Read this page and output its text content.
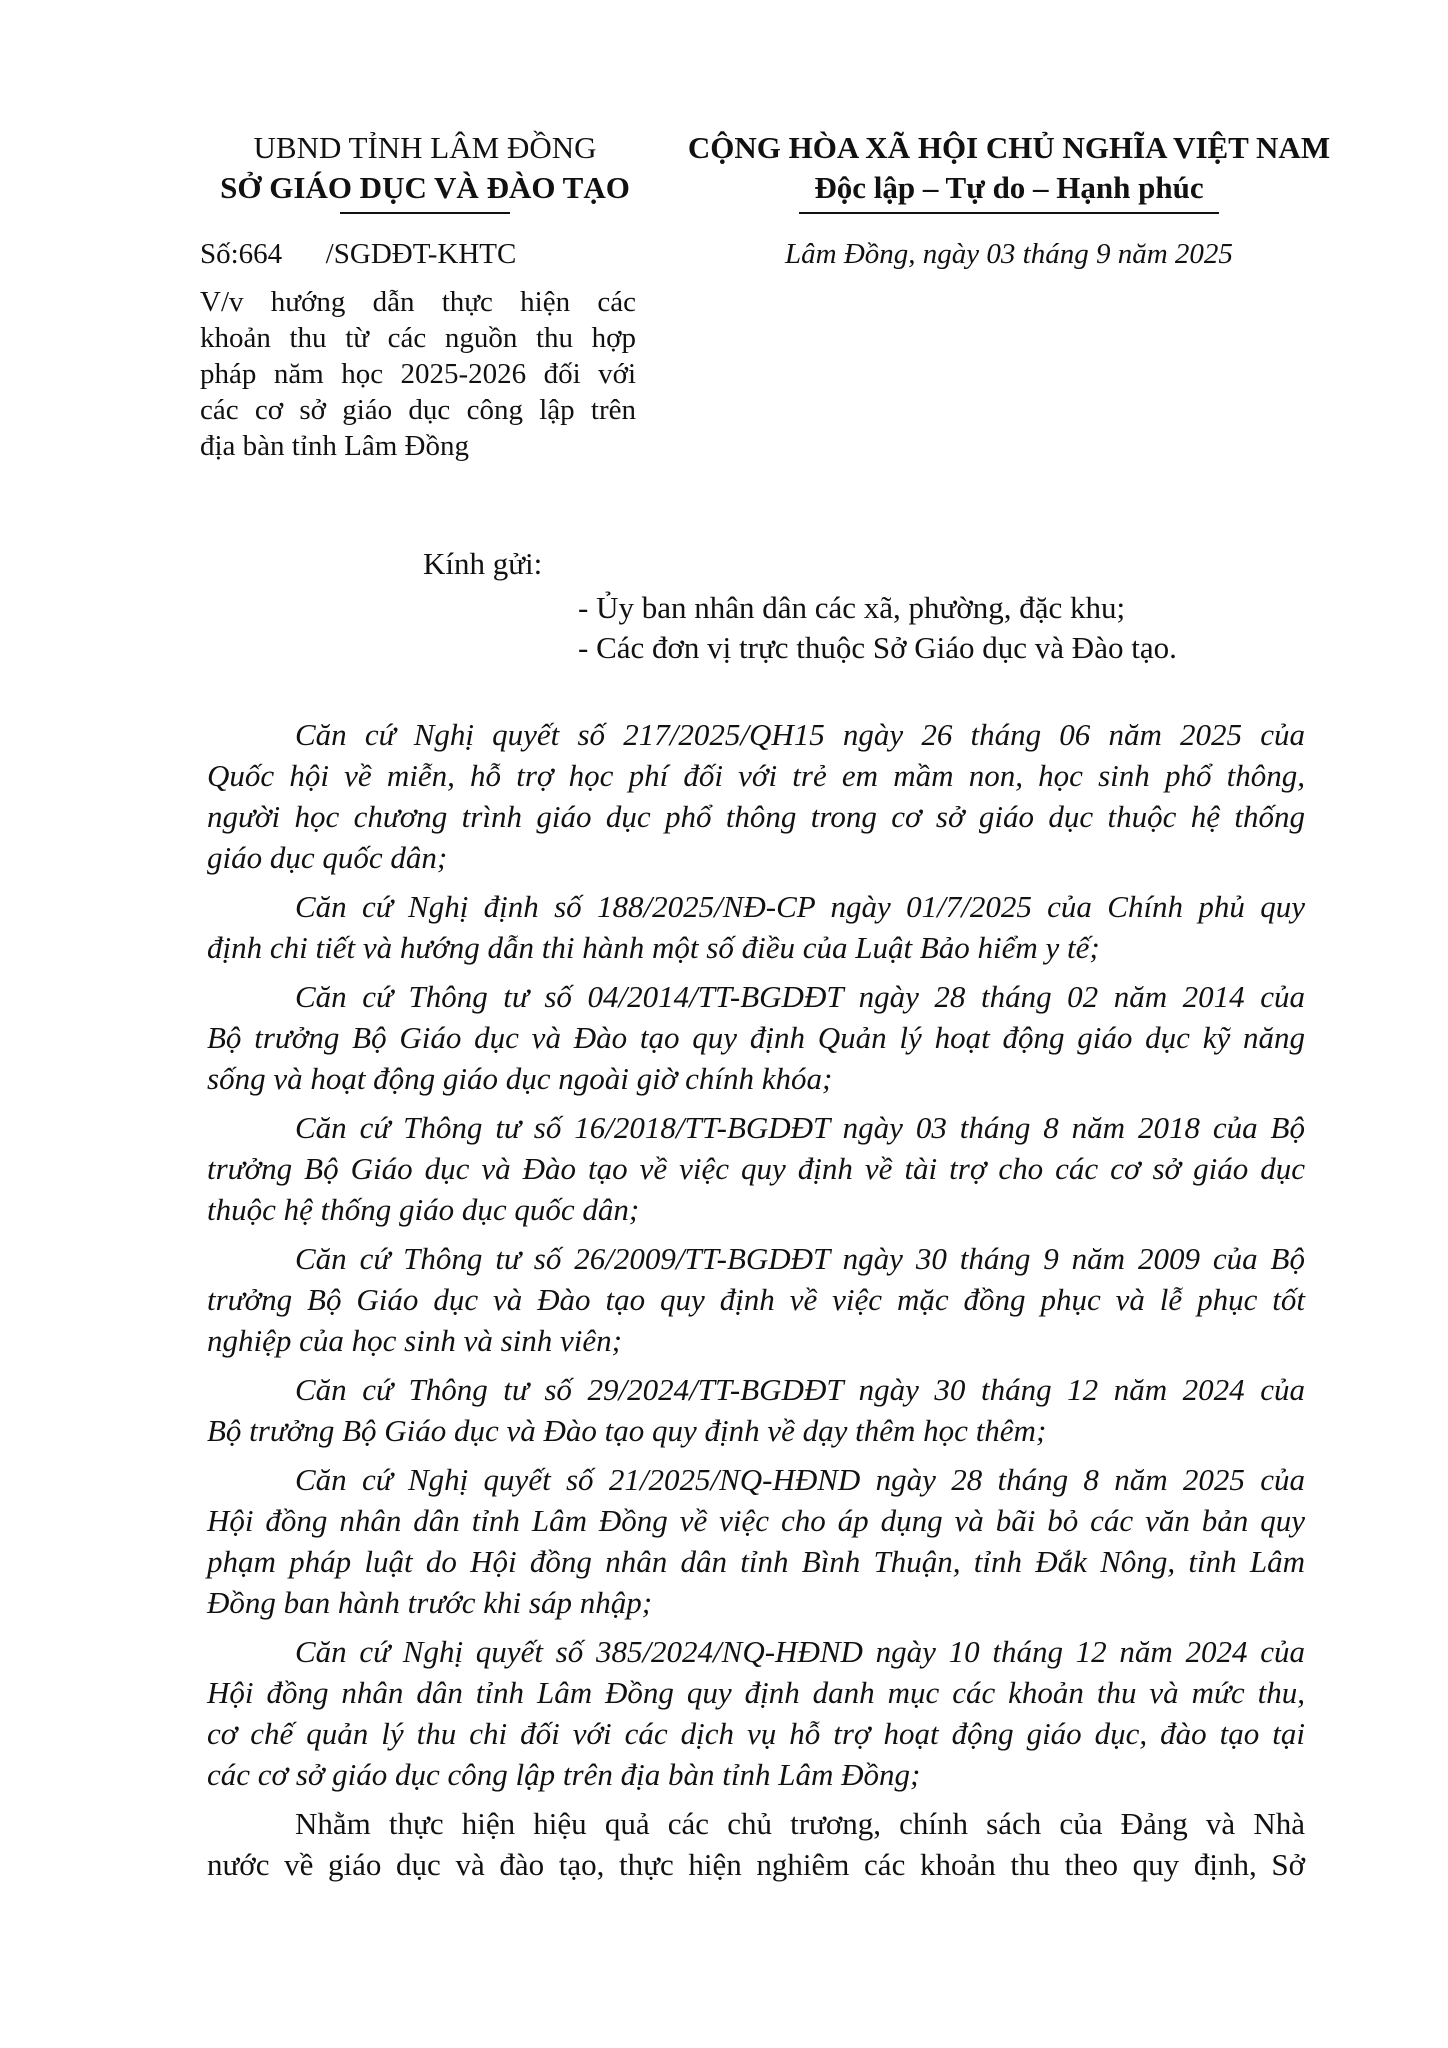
UBND TỈNH LÂM ĐỒNG
SỞ GIÁO DỤC VÀ ĐÀO TẠO
CỘNG HÒA XÃ HỘI CHỦ NGHĨA VIỆT NAM
Độc lập – Tự do – Hạnh phúc
Số:664      /SGDĐT-KHTC	Lâm Đồng, ngày 03 tháng 9 năm 2025
V/v hướng dẫn thực hiện các
khoản thu từ các nguồn thu hợp
pháp năm học 2025-2026 đối với
các cơ sở giáo dục công lập trên
địa bàn tỉnh Lâm Đồng
Kính gửi:
- Ủy ban nhân dân các xã, phường, đặc khu;
- Các đơn vị trực thuộc Sở Giáo dục và Đào tạo.
Căn cứ Nghị quyết số 217/2025/QH15 ngày 26 tháng 06 năm 2025 của
Quốc hội về miễn, hỗ trợ học phí đối với trẻ em mầm non, học sinh phổ thông,
người học chương trình giáo dục phổ thông trong cơ sở giáo dục thuộc hệ thống
giáo dục quốc dân;
Căn cứ Nghị định số 188/2025/NĐ-CP ngày 01/7/2025 của Chính phủ quy
định chi tiết và hướng dẫn thi hành một số điều của Luật Bảo hiểm y tế;
Căn cứ Thông tư số 04/2014/TT-BGDĐT ngày 28 tháng 02 năm 2014 của
Bộ trưởng Bộ Giáo dục và Đào tạo quy định Quản lý hoạt động giáo dục kỹ năng
sống và hoạt động giáo dục ngoài giờ chính khóa;
Căn cứ Thông tư số 16/2018/TT-BGDĐT ngày 03 tháng 8 năm 2018 của Bộ
trưởng Bộ Giáo dục và Đào tạo về việc quy định về tài trợ cho các cơ sở giáo dục
thuộc hệ thống giáo dục quốc dân;
Căn cứ Thông tư số 26/2009/TT-BGDĐT ngày 30 tháng 9 năm 2009 của Bộ
trưởng Bộ Giáo dục và Đào tạo quy định về việc mặc đồng phục và lễ phục tốt
nghiệp của học sinh và sinh viên;
Căn cứ Thông tư số 29/2024/TT-BGDĐT ngày 30 tháng 12 năm 2024 của
Bộ trưởng Bộ Giáo dục và Đào tạo quy định về dạy thêm học thêm;
Căn cứ Nghị quyết số 21/2025/NQ-HĐND ngày 28 tháng 8 năm 2025 của
Hội đồng nhân dân tỉnh Lâm Đồng về việc cho áp dụng và bãi bỏ các văn bản quy
phạm pháp luật do Hội đồng nhân dân tỉnh Bình Thuận, tỉnh Đắk Nông, tỉnh Lâm
Đồng ban hành trước khi sáp nhập;
Căn cứ Nghị quyết số 385/2024/NQ-HĐND ngày 10 tháng 12 năm 2024 của
Hội đồng nhân dân tỉnh Lâm Đồng quy định danh mục các khoản thu và mức thu,
cơ chế quản lý thu chi đối với các dịch vụ hỗ trợ hoạt động giáo dục, đào tạo tại
các cơ sở giáo dục công lập trên địa bàn tỉnh Lâm Đồng;
Nhằm thực hiện hiệu quả các chủ trương, chính sách của Đảng và Nhà
nước về giáo dục và đào tạo, thực hiện nghiêm các khoản thu theo quy định, Sở
